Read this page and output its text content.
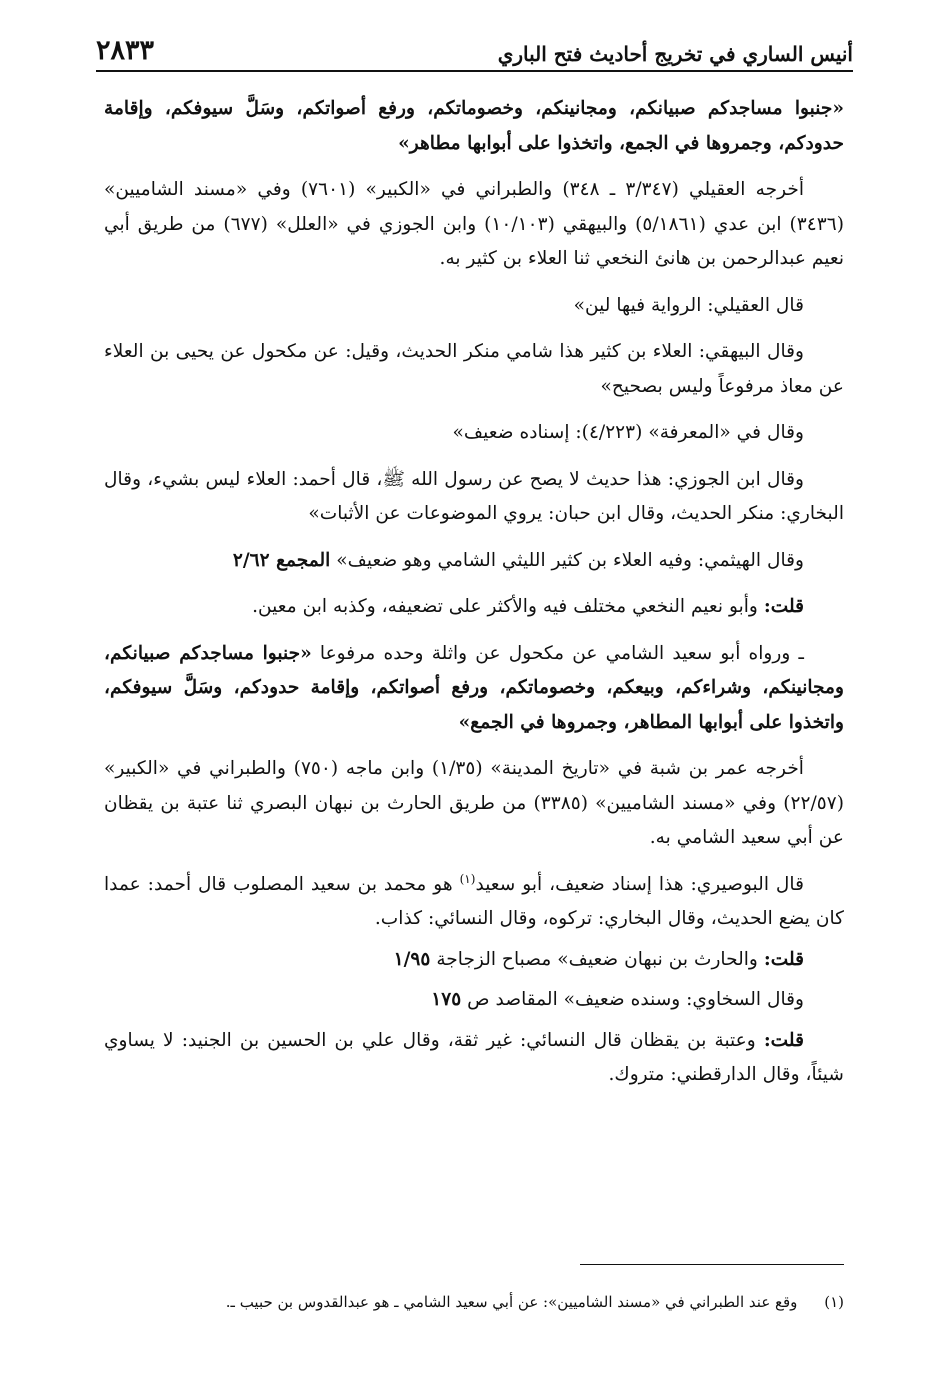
أنيس الساري في تخريج أحاديث فتح الباري
٢٨٣٣

«جنبوا مساجدكم صبيانكم، ومجانينكم، وخصوماتكم، ورفع أصواتكم، وسَلَّ سيوفكم، وإقامة حدودكم، وجمروها في الجمع، واتخذوا على أبوابها مطاهر»

أخرجه العقيلي (٣/٣٤٧ ـ ٣٤٨) والطبراني في «الكبير» (٧٦٠١) وفي «مسند الشاميين» (٣٤٣٦) ابن عدي (٥/١٨٦١) والبيهقي (١٠/١٠٣) وابن الجوزي في «العلل» (٦٧٧) من طريق أبي نعيم عبدالرحمن بن هانئ النخعي ثنا العلاء بن كثير به.

قال العقيلي: الرواية فيها لين»

وقال البيهقي: العلاء بن كثير هذا شامي منكر الحديث، وقيل: عن مكحول عن يحيى بن العلاء عن معاذ مرفوعاً وليس بصحيح»

وقال في «المعرفة» (٤/٢٢٣): إسناده ضعيف»

وقال ابن الجوزي: هذا حديث لا يصح عن رسول الله ﷺ، قال أحمد: العلاء ليس بشيء، وقال البخاري: منكر الحديث، وقال ابن حبان: يروي الموضوعات عن الأثبات»

وقال الهيثمي: وفيه العلاء بن كثير الليثي الشامي وهو ضعيف» المجمع ٢/٦٢

قلت: وأبو نعيم النخعي مختلف فيه والأكثر على تضعيفه، وكذبه ابن معين.

ـ ورواه أبو سعيد الشامي عن مكحول عن واثلة وحده مرفوعا «جنبوا مساجدكم صبيانكم، ومجانينكم، وشراءكم، وبيعكم، وخصوماتكم، ورفع أصواتكم، وإقامة حدودكم، وسَلَّ سيوفكم، واتخذوا على أبوابها المطاهر، وجمروها في الجمع»

أخرجه عمر بن شبة في «تاريخ المدينة» (١/٣٥) وابن ماجه (٧٥٠) والطبراني في «الكبير» (٢٢/٥٧) وفي «مسند الشاميين» (٣٣٨٥) من طريق الحارث بن نبهان البصري ثنا عتبة بن يقظان عن أبي سعيد الشامي به.

قال البوصيري: هذا إسناد ضعيف، أبو سعيد$^{(١)}$ هو محمد بن سعيد المصلوب قال أحمد: عمدا كان يضع الحديث، وقال البخاري: تركوه، وقال النسائي: كذاب.

قلت: والحارث بن نبهان ضعيف» مصباح الزجاجة ١/٩٥

وقال السخاوي: وسنده ضعيف» المقاصد ص ١٧٥

قلت: وعتبة بن يقظان قال النسائي: غير ثقة، وقال علي بن الحسين بن الجنيد: لا يساوي شيئاً، وقال الدارقطني: متروك.

(١) وقع عند الطبراني في «مسند الشاميين»: عن أبي سعيد الشامي ـ هو عبدالقدوس بن حبيب ـ.
